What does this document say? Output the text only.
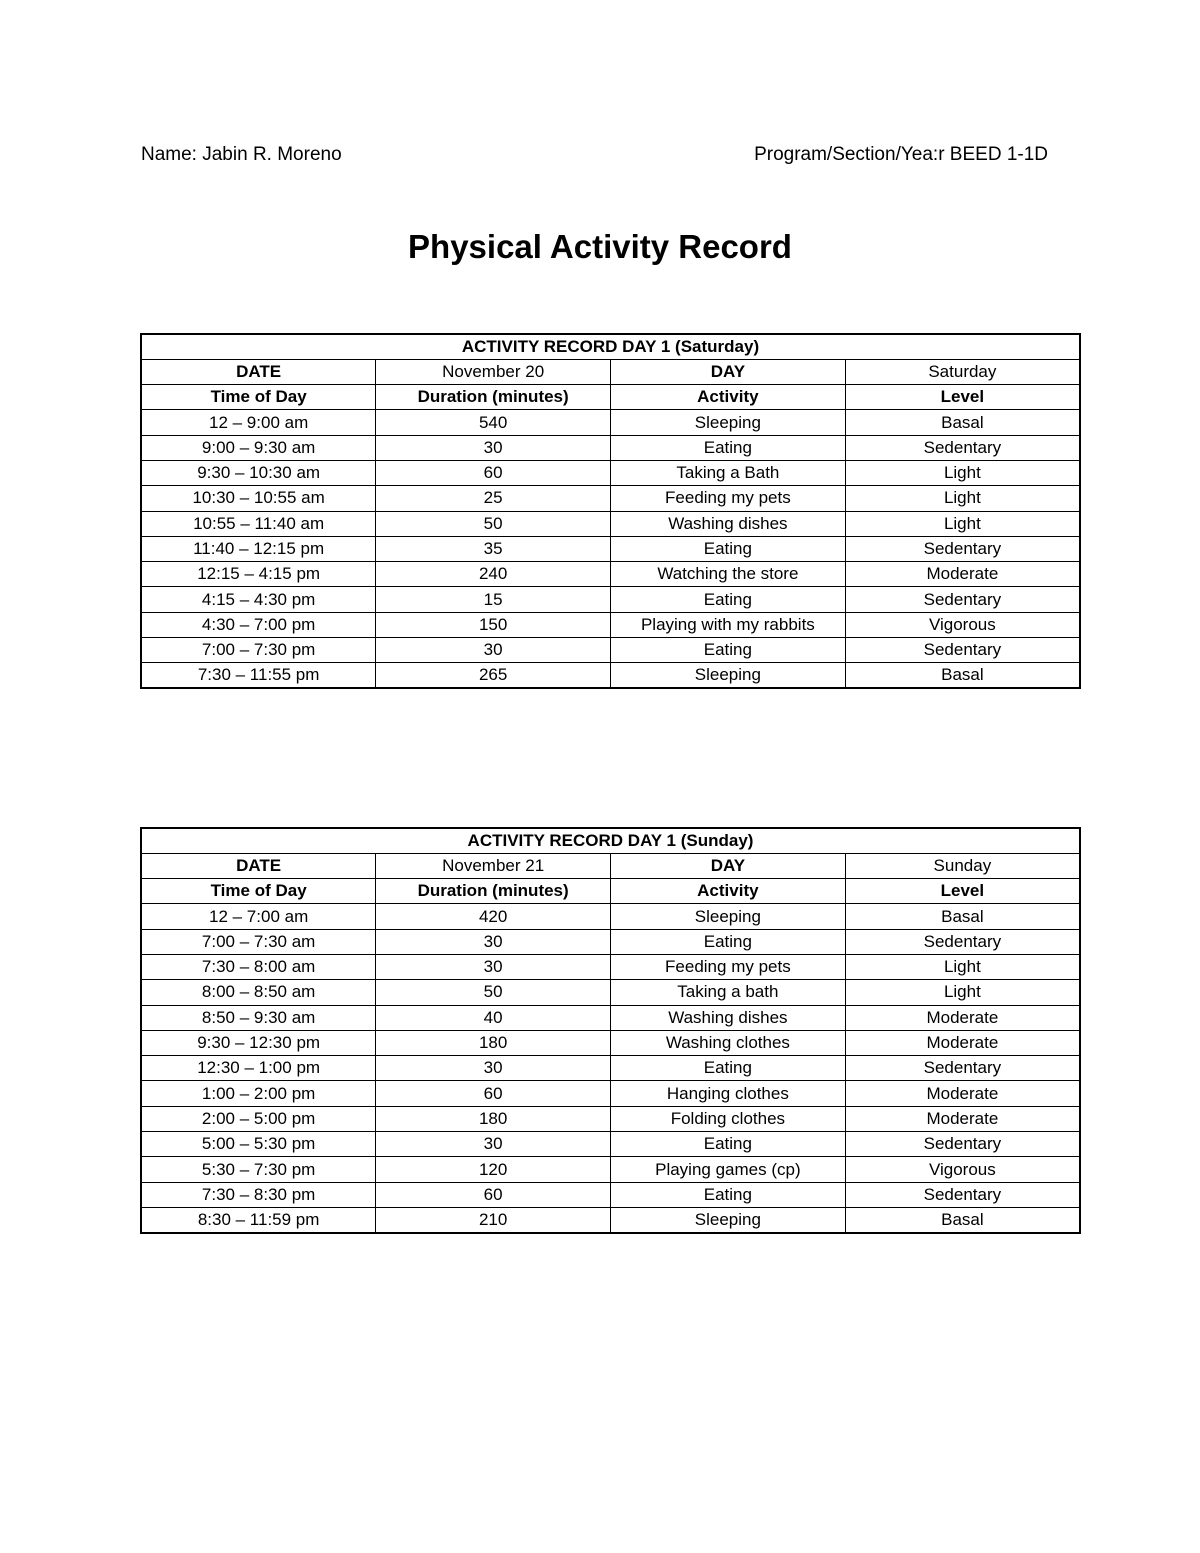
Name: Jabin R. Moreno	Program/Section/Yea:r BEED 1-1D
Physical Activity Record
ACTIVITY RECORD DAY 1 (Saturday)			
DATE	November 20	DAY	Saturday
Time of Day	Duration (minutes)	Activity	Level
12 – 9:00 am	540	Sleeping	Basal
9:00 – 9:30 am	30	Eating	Sedentary
9:30 – 10:30 am	60	Taking a Bath	Light
10:30 – 10:55 am	25	Feeding my pets	Light
10:55 – 11:40 am	50	Washing dishes	Light
11:40 – 12:15 pm	35	Eating	Sedentary
12:15 – 4:15 pm	240	Watching the store	Moderate
4:15 – 4:30 pm	15	Eating	Sedentary
4:30 – 7:00 pm	150	Playing with my rabbits	Vigorous
7:00 – 7:30 pm	30	Eating	Sedentary
7:30 – 11:55 pm	265	Sleeping	Basal
ACTIVITY RECORD DAY 1 (Sunday)			
DATE	November 21	DAY	Sunday
Time of Day	Duration (minutes)	Activity	Level
12 – 7:00 am	420	Sleeping	Basal
7:00 – 7:30 am	30	Eating	Sedentary
7:30 – 8:00 am	30	Feeding my pets	Light
8:00 – 8:50 am	50	Taking a bath	Light
8:50 – 9:30 am	40	Washing dishes	Moderate
9:30 – 12:30 pm	180	Washing clothes	Moderate
12:30 – 1:00 pm	30	Eating	Sedentary
1:00 – 2:00 pm	60	Hanging clothes	Moderate
2:00 – 5:00 pm	180	Folding clothes	Moderate
5:00 – 5:30 pm	30	Eating	Sedentary
5:30 – 7:30 pm	120	Playing games (cp)	Vigorous
7:30 – 8:30 pm	60	Eating	Sedentary
8:30 – 11:59 pm	210	Sleeping	Basal
